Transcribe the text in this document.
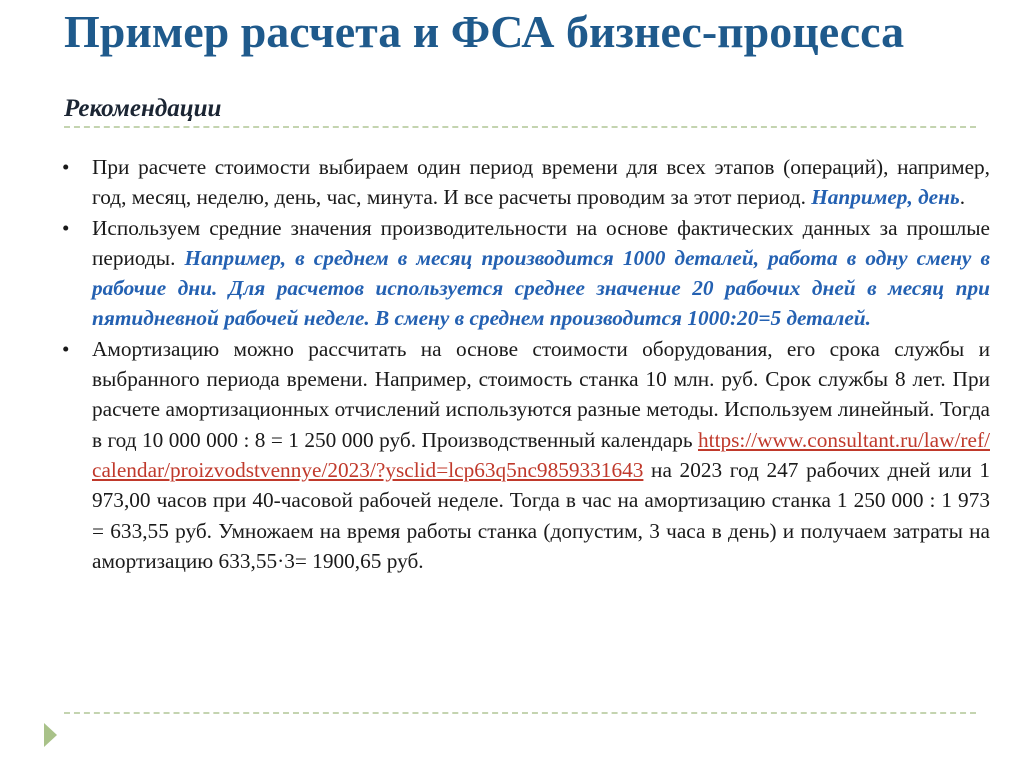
Пример расчета и ФСА бизнес-процесса
Рекомендации
•	При расчете стоимости выбираем один период времени для всех этапов (операций), например, год, месяц, неделю, день, час, минута. И все расчеты проводим за этот период. Например, день.
•	Используем средние значения производительности на основе фактических данных за прошлые периоды. Например, в среднем в месяц производится 1000 деталей, работа в одну смену в рабочие дни. Для расчетов используется среднее значение 20 рабочих дней в месяц при пятидневной рабочей неделе. В смену в среднем производится 1000:20=5 деталей.
•	Амортизацию можно рассчитать на основе стоимости оборудования, его срока службы и выбранного периода времени. Например, стоимость станка 10 млн. руб. Срок службы 8 лет. При расчете амортизационных отчислений используются разные методы. Используем линейный. Тогда в год 10 000 000 : 8 = 1 250 000 руб. Производственный календарь https://www.consultant.ru/law/ref/calendar/proizvodstvennye/2023/?ysclid=lcp63q5nc9859331643 на 2023 год 247 рабочих дней или 1 973,00 часов при 40-часовой рабочей неделе. Тогда в час на амортизацию станка 1 250 000 : 1 973 = 633,55 руб. Умножаем на время работы станка (допустим, 3 часа в день) и получаем затраты на амортизацию 633,55·3= 1900,65 руб.
